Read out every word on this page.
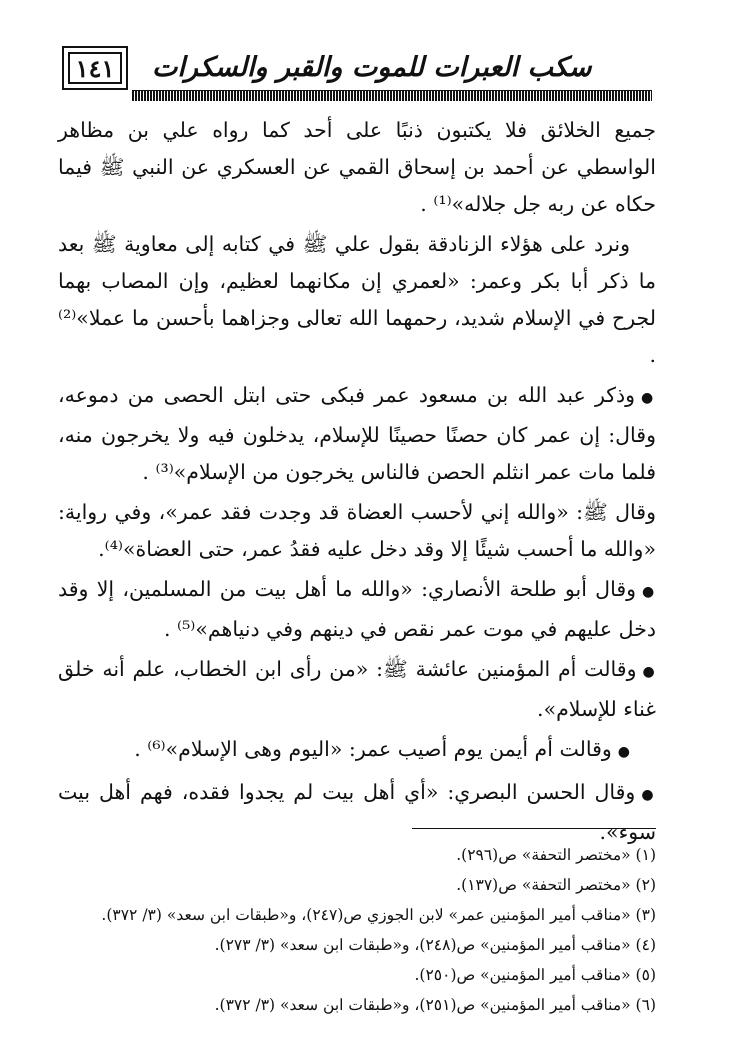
١٤١	سكب العبرات للموت والقبر والسكرات

جميع الخلائق فلا يكتبون ذنبًا على أحد كما رواه علي بن مظاهر الواسطي عن أحمد بن إسحاق القمي عن العسكري عن النبي ﷺ فيما حكاه عن ربه جل جلاله»⁽¹⁾ .

ونرد على هؤلاء الزنادقة بقول علي ﷺ في كتابه إلى معاوية ﷺ بعد ما ذكر أبا بكر وعمر: «لعمري إن مكانهما لعظيم، وإن المصاب بهما لجرح في الإسلام شديد، رحمهما الله تعالى وجزاهما بأحسن ما عملا»⁽²⁾ .

●وذكر عبد الله بن مسعود عمر فبكى حتى ابتل الحصى من دموعه، وقال: إن عمر كان حصنًا حصينًا للإسلام، يدخلون فيه ولا يخرجون منه، فلما مات عمر انثلم الحصن فالناس يخرجون من الإسلام»⁽³⁾ .

وقال ﷺ: «والله إني لأحسب العضاة قد وجدت فقد عمر»، وفي رواية: «والله ما أحسب شيئًا إلا وقد دخل عليه فقدُ عمر، حتى العضاة»⁽⁴⁾.

●وقال أبو طلحة الأنصاري: «والله ما أهل بيت من المسلمين، إلا وقد دخل عليهم في موت عمر نقص في دينهم وفي دنياهم»⁽⁵⁾ .

●وقالت أم المؤمنين عائشة ﷺ: «من رأى ابن الخطاب، علم أنه خلق غناء للإسلام».

●وقالت أم أيمن يوم أصيب عمر: «اليوم وهى الإسلام»⁽⁶⁾ .

●وقال الحسن البصري: «أي أهل بيت لم يجدوا فقده، فهم أهل بيت سوء».

(١) «مختصر التحفة» ص(٢٩٦).
(٢) «مختصر التحفة» ص(١٣٧).
(٣) «مناقب أمير المؤمنين عمر» لابن الجوزي ص(٢٤٧)، و«طبقات ابن سعد» (٣/ ٣٧٢).
(٤) «مناقب أمير المؤمنين» ص(٢٤٨)، و«طبقات ابن سعد» (٣/ ٢٧٣).
(٥) «مناقب أمير المؤمنين» ص(٢٥٠).
(٦) «مناقب أمير المؤمنين» ص(٢٥١)، و«طبقات ابن سعد» (٣/ ٣٧٢).
